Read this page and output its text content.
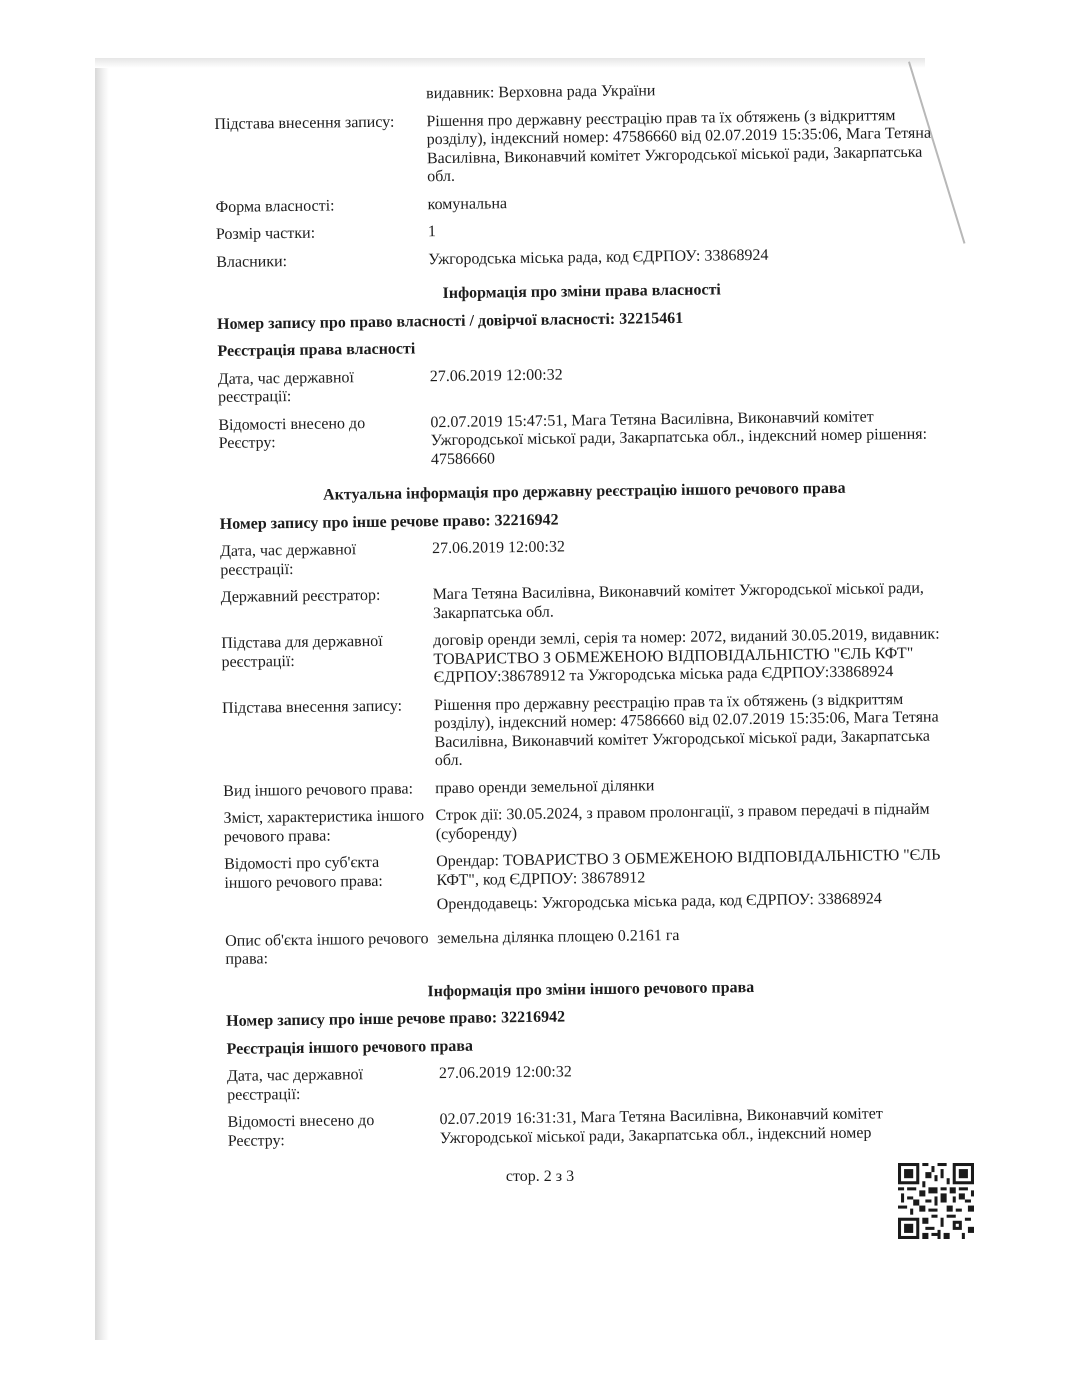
видавник: Верховна рада України
Підстава внесення запису:	Рішення про державну реєстрацію прав та їх обтяжень (з відкриттям розділу), індексний номер: 47586660 від 02.07.2019 15:35:06, Мага Тетяна Василівна, Виконавчий комітет Ужгородської міської ради, Закарпатська обл.
Форма власності:	комунальна
Розмір частки:	1
Власники:	Ужгородська міська рада, код ЄДРПОУ: 33868924
Інформація про зміни права власності
Номер запису про право власності / довірчої власності: 32215461
Реєстрація права власності
Дата, час державної реєстрації:
27.06.2019 12:00:32
Відомості внесено до Реєстру:
02.07.2019 15:47:51, Мага Тетяна Василівна, Виконавчий комітет Ужгородської міської ради, Закарпатська обл., індексний номер рішення: 47586660
Актуальна інформація про державну реєстрацію іншого речового права
Номер запису про інше речове право: 32216942
Дата, час державної реєстрації:
27.06.2019 12:00:32
Державний реєстратор:	Мага Тетяна Василівна, Виконавчий комітет Ужгородської міської ради, Закарпатська обл.
Підстава для державної реєстрації:
договір оренди землі, серія та номер: 2072, виданий 30.05.2019, видавник: ТОВАРИСТВО З ОБМЕЖЕНОЮ ВІДПОВІДАЛЬНІСТЮ "ЄЛЬ КФТ" ЄДРПОУ:38678912 та Ужгородська міська рада ЄДРПОУ:33868924
Підстава внесення запису:	Рішення про державну реєстрацію прав та їх обтяжень (з відкриттям розділу), індексний номер: 47586660 від 02.07.2019 15:35:06, Мага Тетяна Василівна, Виконавчий комітет Ужгородської міської ради, Закарпатська обл.
Вид іншого речового права:	право оренди земельної ділянки
Зміст, характеристика іншого речового права:
Строк дії: 30.05.2024, з правом пролонгації, з правом передачі в піднайм (суборенду)
Відомості про суб'єкта іншого речового права:

Орендар: ТОВАРИСТВО З ОБМЕЖЕНОЮ ВІДПОВІДАЛЬНІСТЮ "ЄЛЬ КФТ", код ЄДРПОУ: 38678912

Орендодавець: Ужгородська міська рада, код ЄДРПОУ: 33868924

Опис об'єкта іншого речового права:
земельна ділянка площею 0.2161 га
Інформація про зміни іншого речового права
Номер запису про інше речове право: 32216942
Реєстрація іншого речового права
Дата, час державної реєстрації:
27.06.2019 12:00:32
Відомості внесено до Реєстру:
02.07.2019 16:31:31, Мага Тетяна Василівна, Виконавчий комітет Ужгородської міської ради, Закарпатська обл., індексний номер
стор. 2 з 3
